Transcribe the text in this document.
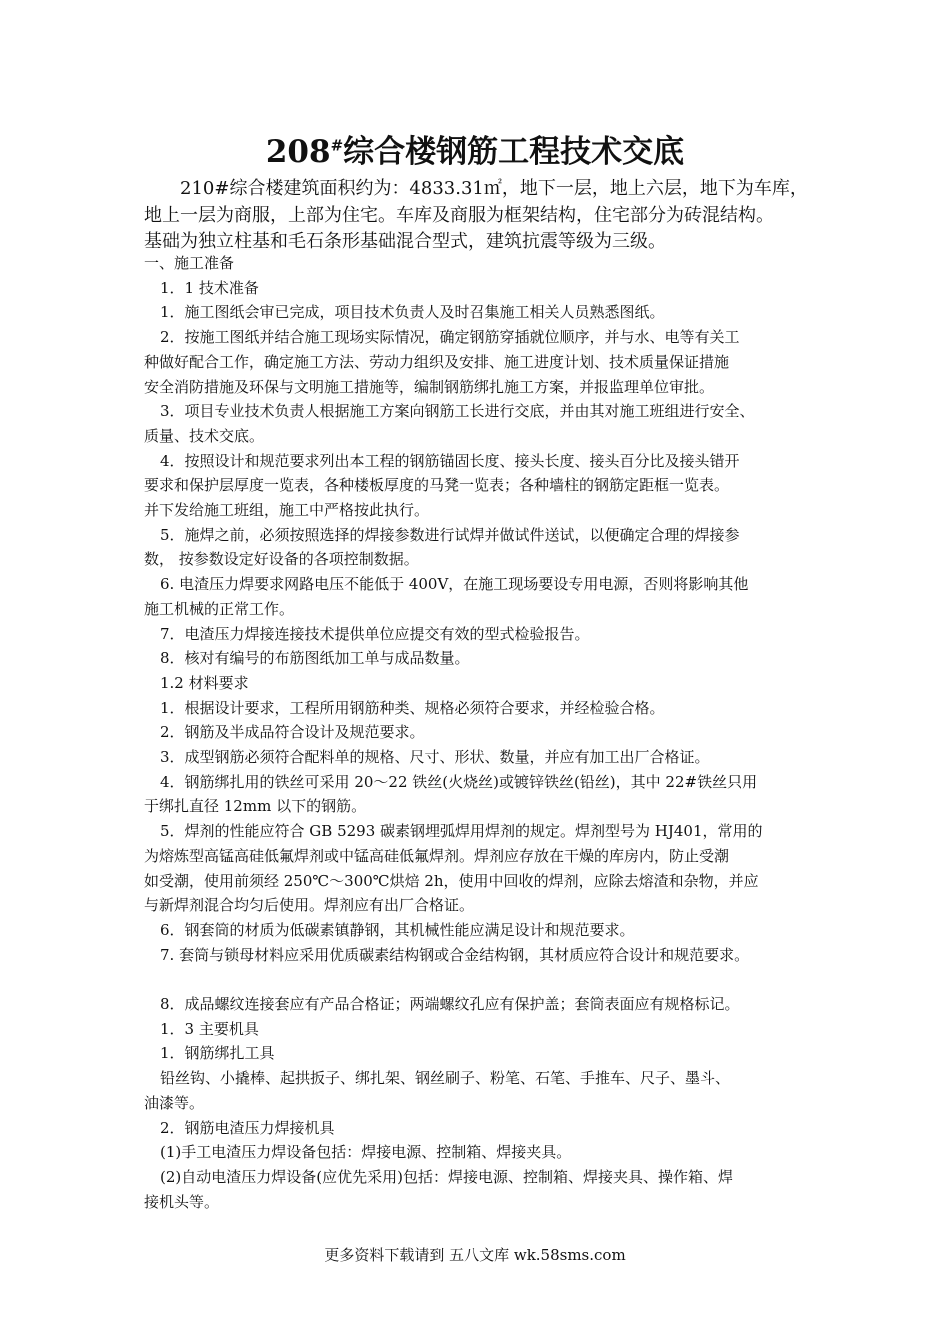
208#综合楼钢筋工程技术交底

210#综合楼建筑面积约为：4833.31㎡，地下一层，地上六层，地下为车库，

地上一层为商服，上部为住宅。车库及商服为框架结构，住宅部分为砖混结构。

基础为独立柱基和毛石条形基础混合型式，建筑抗震等级为三级。

一、施工准备

1．1 技术准备

1．施工图纸会审已完成，项目技术负责人及时召集施工相关人员熟悉图纸。

2．按施工图纸并结合施工现场实际情况，确定钢筋穿插就位顺序，并与水、电等有关工

种做好配合工作，确定施工方法、劳动力组织及安排、施工进度计划、技术质量保证措施

安全消防措施及环保与文明施工措施等，编制钢筋绑扎施工方案，并报监理单位审批。

3．项目专业技术负责人根据施工方案向钢筋工长进行交底，并由其对施工班组进行安全、

质量、技术交底。

4．按照设计和规范要求列出本工程的钢筋锚固长度、接头长度、接头百分比及接头错开

要求和保护层厚度一览表，各种楼板厚度的马凳一览表；各种墙柱的钢筋定距框一览表。

并下发给施工班组，施工中严格按此执行。

5．施焊之前，必须按照选择的焊接参数进行试焊并做试件送试，以便确定合理的焊接参

数， 按参数设定好设备的各项控制数据。

6. 电渣压力焊要求网路电压不能低于 400V，在施工现场要设专用电源，否则将影响其他

施工机械的正常工作。

7．电渣压力焊接连接技术提供单位应提交有效的型式检验报告。

8．核对有编号的布筋图纸加工单与成品数量。

1.2 材料要求

1．根据设计要求，工程所用钢筋种类、规格必须符合要求，并经检验合格。

2．钢筋及半成品符合设计及规范要求。

3．成型钢筋必须符合配料单的规格、尺寸、形状、数量，并应有加工出厂合格证。

4．钢筋绑扎用的铁丝可采用 20～22 铁丝(火烧丝)或镀锌铁丝(铅丝)，其中 22#铁丝只用

于绑扎直径 12mm 以下的钢筋。

5．焊剂的性能应符合 GB 5293 碳素钢埋弧焊用焊剂的规定。焊剂型号为 HJ401，常用的

为熔炼型高锰高硅低氟焊剂或中锰高硅低氟焊剂。焊剂应存放在干燥的库房内，防止受潮

如受潮，使用前须经 250℃～300℃烘焙 2h，使用中回收的焊剂，应除去熔渣和杂物，并应

与新焊剂混合均匀后使用。焊剂应有出厂合格证。

6．钢套筒的材质为低碳素镇静钢，其机械性能应满足设计和规范要求。

7. 套筒与锁母材料应采用优质碳素结构钢或合金结构钢，其材质应符合设计和规范要求。

8．成品螺纹连接套应有产品合格证；两端螺纹孔应有保护盖；套筒表面应有规格标记。

1．3 主要机具

1．钢筋绑扎工具

铅丝钩、小撬棒、起拱扳子、绑扎架、钢丝刷子、粉笔、石笔、手推车、尺子、墨斗、

油漆等。

2．钢筋电渣压力焊接机具

(1)手工电渣压力焊设备包括：焊接电源、控制箱、焊接夹具。

(2)自动电渣压力焊设备(应优先采用)包括：焊接电源、控制箱、焊接夹具、操作箱、焊

接机头等。

更多资料下载请到 五八文库 wk.58sms.com
